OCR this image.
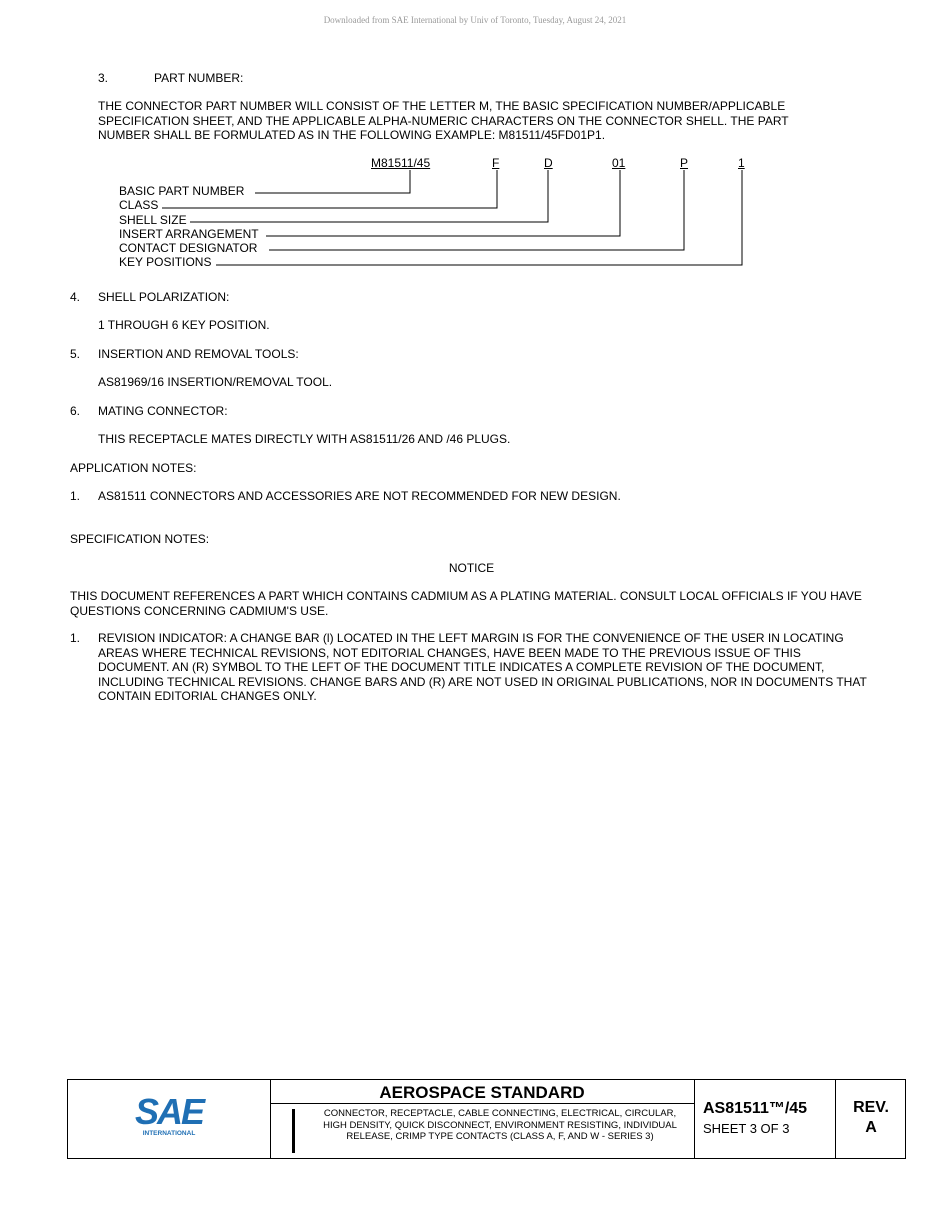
Downloaded from SAE International by Univ of Toronto, Tuesday, August 24, 2021
3.	PART NUMBER:
THE CONNECTOR PART NUMBER WILL CONSIST OF THE LETTER M, THE BASIC SPECIFICATION NUMBER/APPLICABLE SPECIFICATION SHEET, AND THE APPLICABLE ALPHA-NUMERIC CHARACTERS ON THE CONNECTOR SHELL. THE PART NUMBER SHALL BE FORMULATED AS IN THE FOLLOWING EXAMPLE: M81511/45FD01P1.
M81511/45	F	D	01	P	1
BASIC PART NUMBER
CLASS
SHELL SIZE
INSERT ARRANGEMENT
CONTACT DESIGNATOR
KEY POSITIONS
4. SHELL POLARIZATION:
1 THROUGH 6 KEY POSITION.
5. INSERTION AND REMOVAL TOOLS:
AS81969/16 INSERTION/REMOVAL TOOL.
6. MATING CONNECTOR:
THIS RECEPTACLE MATES DIRECTLY WITH AS81511/26 AND /46 PLUGS.
APPLICATION NOTES:
1. AS81511 CONNECTORS AND ACCESSORIES ARE NOT RECOMMENDED FOR NEW DESIGN.
SPECIFICATION NOTES:
NOTICE
THIS DOCUMENT REFERENCES A PART WHICH CONTAINS CADMIUM AS A PLATING MATERIAL. CONSULT LOCAL OFFICIALS IF YOU HAVE QUESTIONS CONCERNING CADMIUM'S USE.
1. REVISION INDICATOR: A CHANGE BAR (l) LOCATED IN THE LEFT MARGIN IS FOR THE CONVENIENCE OF THE USER IN LOCATING AREAS WHERE TECHNICAL REVISIONS, NOT EDITORIAL CHANGES, HAVE BEEN MADE TO THE PREVIOUS ISSUE OF THIS DOCUMENT. AN (R) SYMBOL TO THE LEFT OF THE DOCUMENT TITLE INDICATES A COMPLETE REVISION OF THE DOCUMENT, INCLUDING TECHNICAL REVISIONS. CHANGE BARS AND (R) ARE NOT USED IN ORIGINAL PUBLICATIONS, NOR IN DOCUMENTS THAT CONTAIN EDITORIAL CHANGES ONLY.
SAE
INTERNATIONAL
AEROSPACE STANDARD
CONNECTOR, RECEPTACLE, CABLE CONNECTING, ELECTRICAL, CIRCULAR, HIGH DENSITY, QUICK DISCONNECT, ENVIRONMENT RESISTING, INDIVIDUAL RELEASE, CRIMP TYPE CONTACTS (CLASS A, F, AND W - SERIES 3)
AS81511™/45
SHEET 3 OF 3
REV.
A
